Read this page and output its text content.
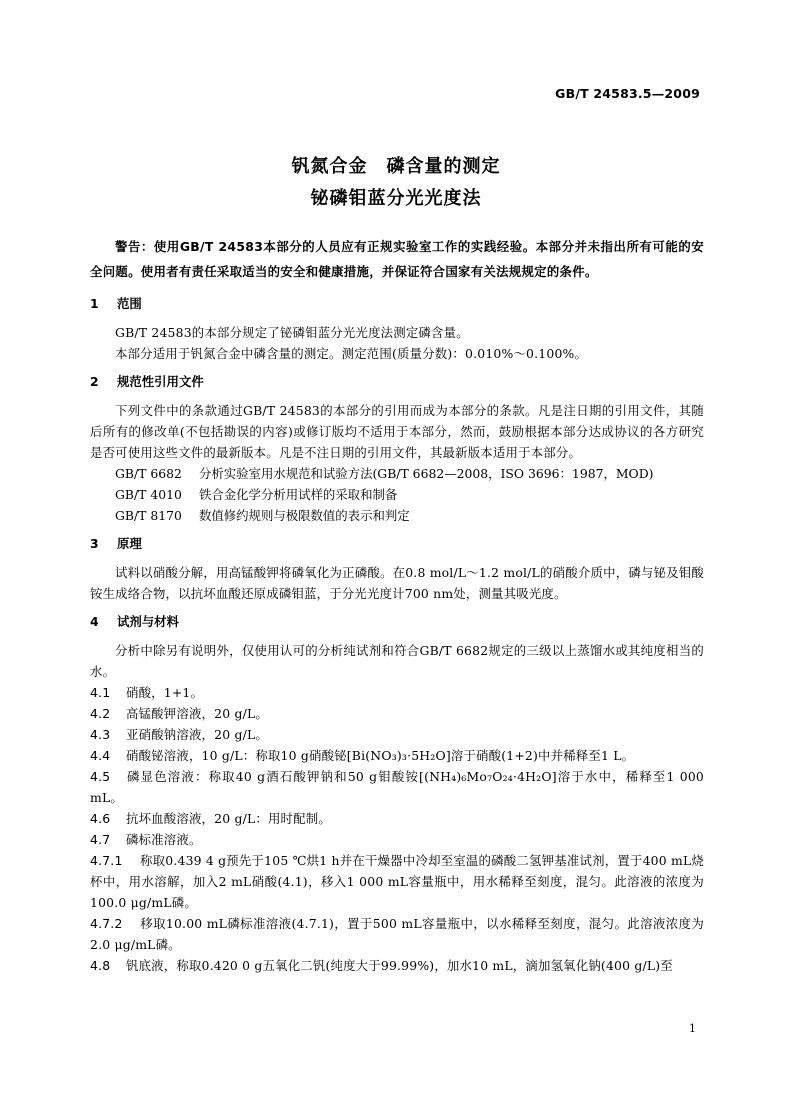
GB/T 24583.5—2009
钒氮合金　磷含量的测定
铋磷钼蓝分光光度法

警告：使用GB/T 24583本部分的人员应有正规实验室工作的实践经验。本部分并未指出所有可能的安全问题。使用者有责任采取适当的安全和健康措施，并保证符合国家有关法规规定的条件。

1 范围

GB/T 24583的本部分规定了铋磷钼蓝分光光度法测定磷含量。

本部分适用于钒氮合金中磷含量的测定。测定范围(质量分数)：0.010%～0.100%。

2 规范性引用文件

下列文件中的条款通过GB/T 24583的本部分的引用而成为本部分的条款。凡是注日期的引用文件，其随后所有的修改单(不包括勘误的内容)或修订版均不适用于本部分，然而，鼓励根据本部分达成协议的各方研究是否可使用这些文件的最新版本。凡是不注日期的引用文件，其最新版本适用于本部分。

GB/T 6682 分析实验室用水规范和试验方法(GB/T 6682—2008，ISO 3696：1987，MOD)

GB/T 4010 铁合金化学分析用试样的采取和制备

GB/T 8170 数值修约规则与极限数值的表示和判定

3 原理

试料以硝酸分解，用高锰酸钾将磷氧化为正磷酸。在0.8 mol/L～1.2 mol/L的硝酸介质中，磷与铋及钼酸铵生成络合物，以抗坏血酸还原成磷钼蓝，于分光光度计700 nm处，测量其吸光度。

4 试剂与材料

分析中除另有说明外，仅使用认可的分析纯试剂和符合GB/T 6682规定的三级以上蒸馏水或其纯度相当的水。

4.1 硝酸，1+1。

4.2 高锰酸钾溶液，20 g/L。

4.3 亚硝酸钠溶液，20 g/L。

4.4 硝酸铋溶液，10 g/L：称取10 g硝酸铋[Bi(NO₃)₃·5H₂O]溶于硝酸(1+2)中并稀释至1 L。

4.5 磷显色溶液：称取40 g酒石酸钾钠和50 g钼酸铵[(NH₄)₆Mo₇O₂₄·4H₂O]溶于水中，稀释至1 000 mL。

4.6 抗坏血酸溶液，20 g/L：用时配制。

4.7 磷标准溶液。

4.7.1 称取0.439 4 g预先于105 ℃烘1 h并在干燥器中冷却至室温的磷酸二氢钾基准试剂，置于400 mL烧杯中，用水溶解，加入2 mL硝酸(4.1)，移入1 000 mL容量瓶中，用水稀释至刻度，混匀。此溶液的浓度为100.0 μg/mL磷。

4.7.2 移取10.00 mL磷标准溶液(4.7.1)，置于500 mL容量瓶中，以水稀释至刻度，混匀。此溶液浓度为2.0 μg/mL磷。

4.8 钒底液，称取0.420 0 g五氧化二钒(纯度大于99.99%)，加水10 mL，滴加氢氧化钠(400 g/L)至

1
